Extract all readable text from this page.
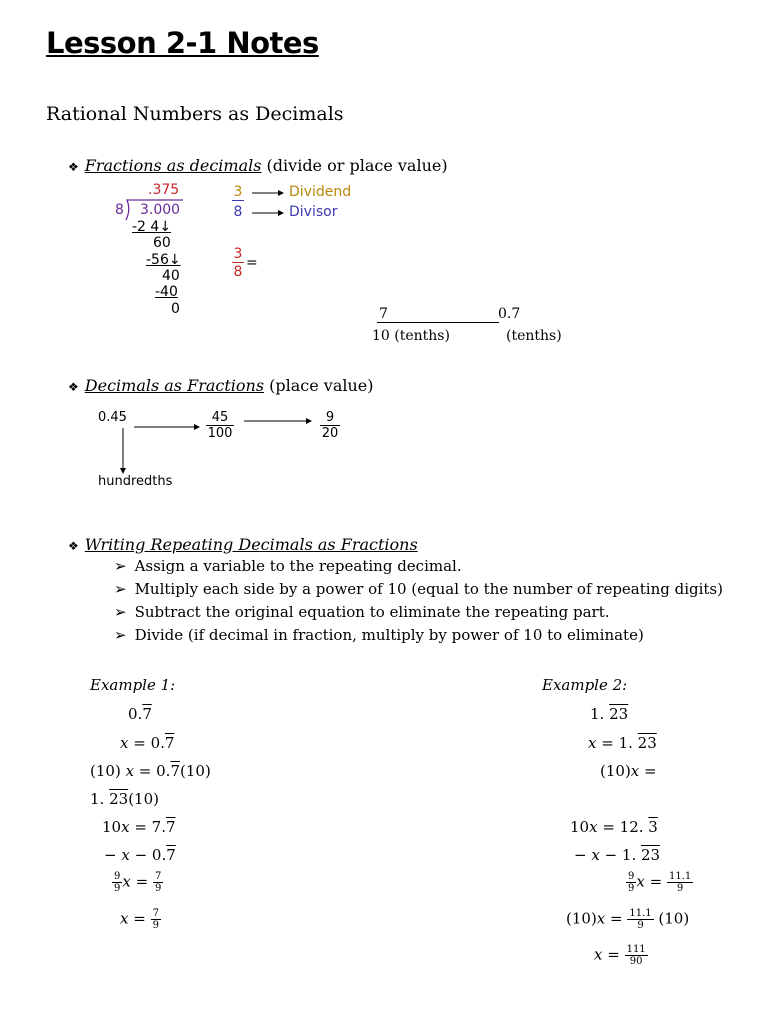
Lesson 2-1 Notes
Rational Numbers as Decimals
❖ Fractions as decimals (divide or place value)
.375
8 3.000
-2 4↓
60
-56↓
40
-40
0
3
8
Dividend
Divisor
3
8
=
7	0.7
10 (tenths)	(tenths)
❖ Decimals as Fractions (place value)
0.45	45
100
9
20
hundredths
❖ Writing Repeating Decimals as Fractions
➢ Assign a variable to the repeating decimal.
➢ Multiply each side by a power of 10 (equal to the number of repeating digits)
➢ Subtract the original equation to eliminate the repeating part.
➢ Divide (if decimal in fraction, multiply by power of 10 to eliminate)
Example 1:
0.7
x = 0.7
(10) x = 0.7(10)
1. 23(10)
10x = 7.7
− x − 0.7
$\frac{9}{9}$ $x = \frac{7}{9}$
$x = \frac{7}{9}$
Example 2:
1. 23
x = 1. 23
(10)x =
10x = 12. 3
− x − 1. 23
$\frac{9}{9}$ $x = \frac{11.1}{9}$
$(10)x = \frac{11.1}{9} (10)$
$x = \frac{111}{90}$
